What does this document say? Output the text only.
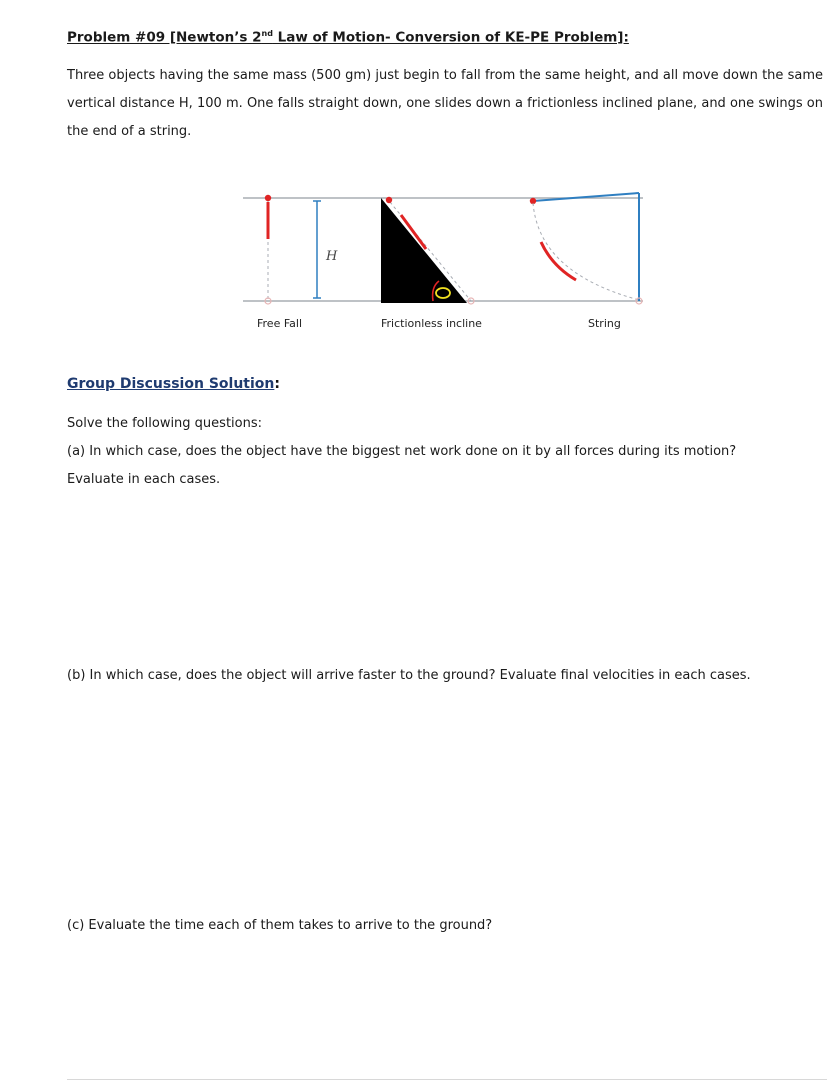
Problem #09 [Newton’s 2nd Law of Motion- Conversion of KE-PE Problem]:
Three objects having the same mass (500 gm) just begin to fall from the same height, and all move down the same vertical distance H, 100 m. One falls straight down, one slides down a frictionless inclined plane, and one swings on the end of a string.
H
Free Fall	Frictionless incline	String
Group Discussion Solution:
Solve the following questions:
(a) In which case, does the object have the biggest net work done on it by all forces during its motion?
Evaluate in each cases.
(b) In which case, does the object will arrive faster to the ground? Evaluate final velocities in each cases.
(c) Evaluate the time each of them takes to arrive to the ground?
